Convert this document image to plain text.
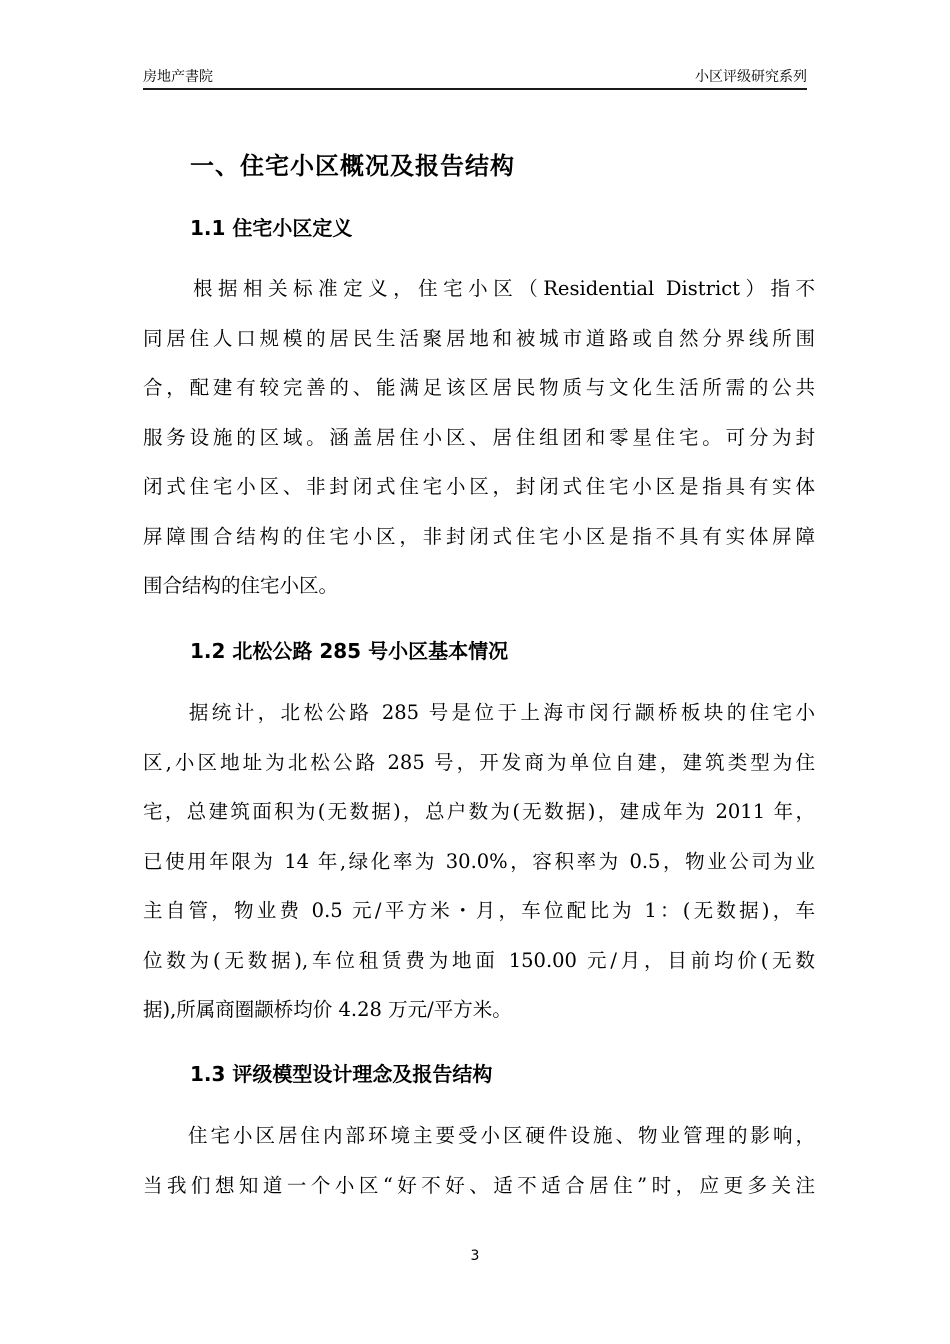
房地产書院	小区评级研究系列
一、住宅小区概况及报告结构
1.1 住宅小区定义
　　根据相关标准定义，住宅小区（Residential District）指不
同居住人口规模的居民生活聚居地和被城市道路或自然分界线所围
合，配建有较完善的、能满足该区居民物质与文化生活所需的公共
服务设施的区域。涵盖居住小区、居住组团和零星住宅。可分为封
闭式住宅小区、非封闭式住宅小区，封闭式住宅小区是指具有实体
屏障围合结构的住宅小区，非封闭式住宅小区是指不具有实体屏障
围合结构的住宅小区。
1.2 北松公路 285 号小区基本情况
　　据统计，北松公路 285 号是位于上海市闵行颛桥板块的住宅小
区,小区地址为北松公路 285 号，开发商为单位自建，建筑类型为住
宅，总建筑面积为(无数据)，总户数为(无数据)，建成年为 2011 年，
已使用年限为 14 年,绿化率为 30.0%，容积率为 0.5，物业公司为业
主自管，物业费 0.5 元/平方米・月，车位配比为 1：(无数据)，车
位数为(无数据),车位租赁费为地面 150.00 元/月，目前均价(无数
据),所属商圈颛桥均价 4.28 万元/平方米。
1.3 评级模型设计理念及报告结构
　　住宅小区居住内部环境主要受小区硬件设施、物业管理的影响，
当我们想知道一个小区“好不好、适不适合居住”时，应更多关注
3
